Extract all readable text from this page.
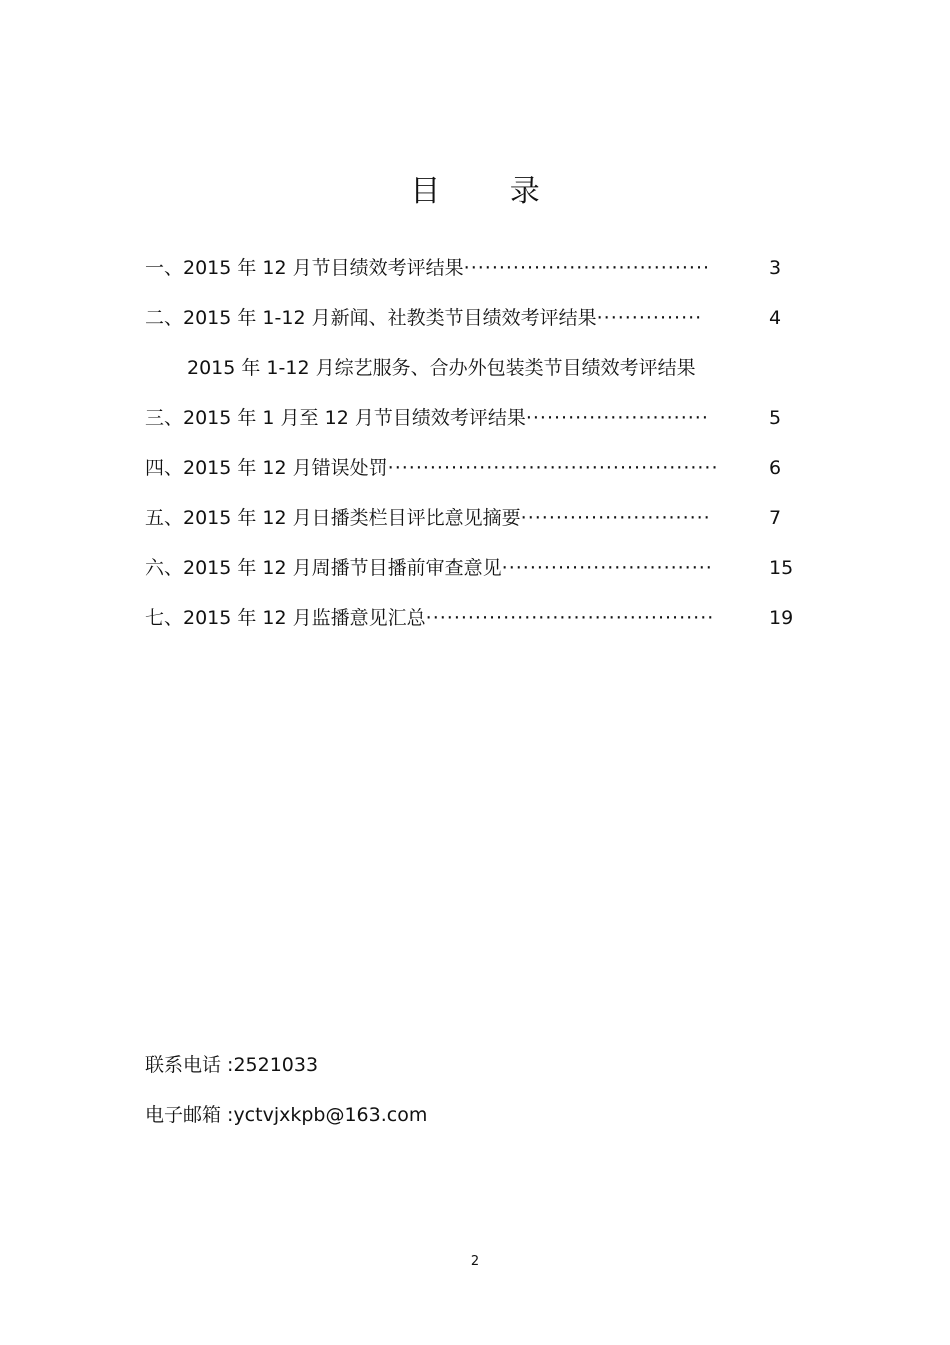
目 录
一、2015 年 12 月节目绩效考评结果···································	3
二、2015 年 1-12 月新闻、社教类节目绩效考评结果···············	4
2015 年 1-12 月综艺服务、合办外包装类节目绩效考评结果
三、2015 年 1 月至 12 月节目绩效考评结果··························	5
四、2015 年 12 月错误处罚···············································	6
五、2015 年 12 月日播类栏目评比意见摘要···························	7
六、2015 年 12 月周播节目播前审查意见······························	15
七、2015 年 12 月监播意见汇总·········································	19
联系电话 :2521033
电子邮箱 :yctvjxkpb@163.com
2
